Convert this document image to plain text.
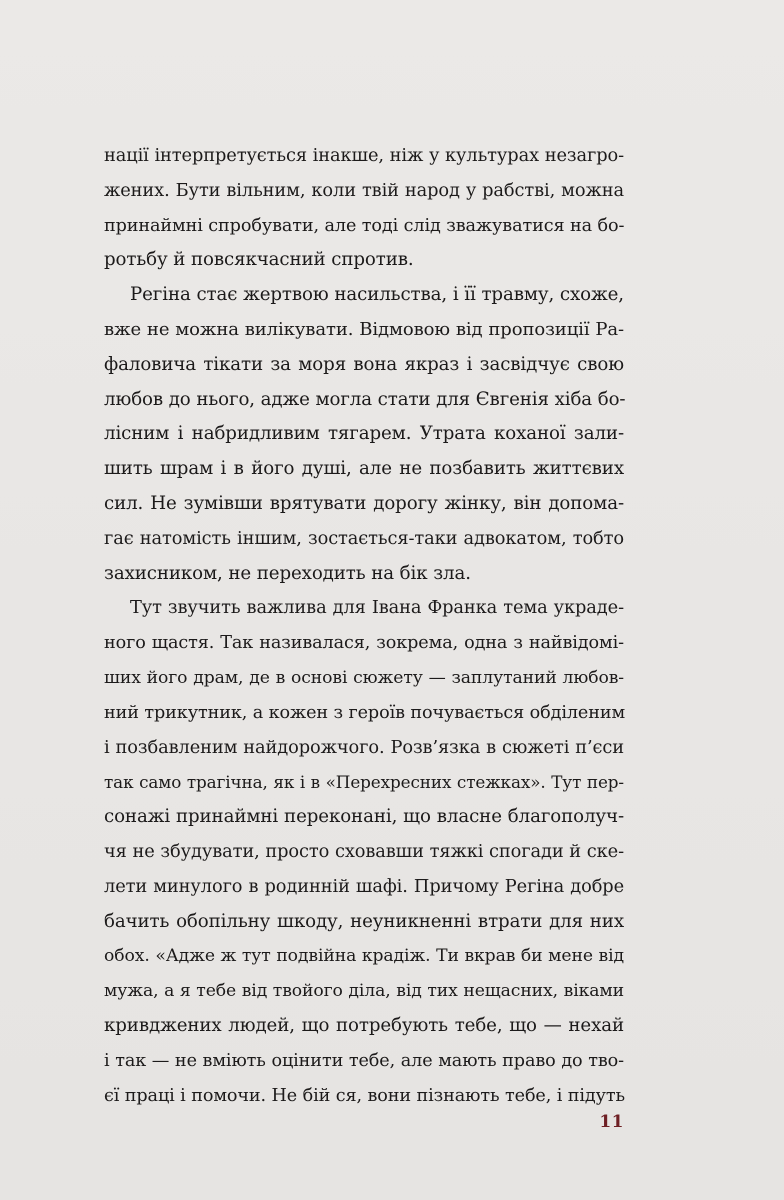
нації інтерпретується інакше, ніж у культурах незагро-
жених. Бути вільним, коли твій народ у рабстві, можна
принаймні спробувати, але тоді слід зважуватися на бо-
ротьбу й повсякчасний спротив.
Регіна стає жертвою насильства, і її травму, схоже,
вже не можна вилікувати. Відмовою від пропозиції Ра-
фаловича тікати за моря вона якраз і засвідчує свою
любов до нього, адже могла стати для Євгенія хіба бо-
лісним і набридливим тягарем. Утрата коханої зали-
шить шрам і в його душі, але не позбавить життєвих
сил. Не зумівши врятувати дорогу жінку, він допома-
гає натомість іншим, зостається-таки адвокатом, тобто
захисником, не переходить на бік зла.
Тут звучить важлива для Івана Франка тема украде-
ного щастя. Так називалася, зокрема, одна з найвідомі-
ших його драм, де в основі сюжету — заплутаний любов-
ний трикутник, а кожен з героїв почувається обділеним
і позбавленим найдорожчого. Розв’язка в сюжеті п’єси
так само трагічна, як і в «Перехресних стежках». Тут пер-
сонажі принаймні переконані, що власне благополуч-
чя не збудувати, просто сховавши тяжкі спогади й ске-
лети минулого в родинній шафі. Причому Регіна добре
бачить обопільну шкоду, неуникненні втрати для них
обох. «Адже ж тут подвійна крадіж. Ти вкрав би мене від
мужа, а я тебе від твойого діла, від тих нещасних, віками
кривджених людей, що потребують тебе, що — нехай
і так — не вміють оцінити тебе, але мають право до тво-
єї праці і помочи. Не бій ся, вони пізнають тебе, і підуть
11
